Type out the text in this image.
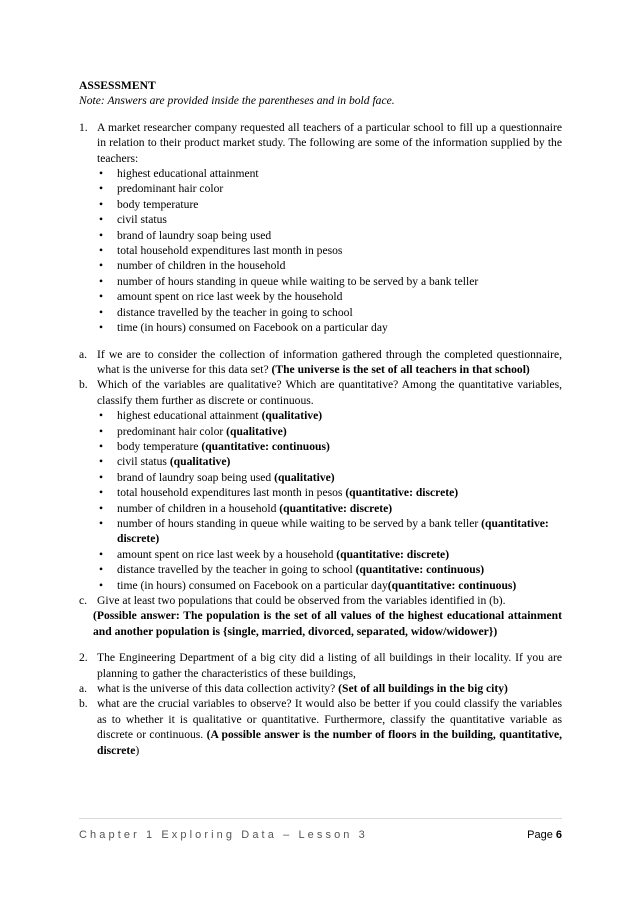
ASSESSMENT
Note: Answers are provided inside the parentheses and in bold face.
1. A market researcher company requested all teachers of a particular school to fill up a questionnaire in relation to their product market study. The following are some of the information supplied by the teachers:
• highest educational attainment
• predominant hair color
• body temperature
• civil status
• brand of laundry soap being used
• total household expenditures last month in pesos
• number of children in the household
• number of hours standing in queue while waiting to be served by a bank teller
• amount spent on rice last week by the household
• distance travelled by the teacher in going to school
• time (in hours) consumed on Facebook on a particular day
a. If we are to consider the collection of information gathered through the completed questionnaire, what is the universe for this data set? (The universe is the set of all teachers in that school)
b. Which of the variables are qualitative? Which are quantitative? Among the quantitative variables, classify them further as discrete or continuous.
• highest educational attainment (qualitative)
• predominant hair color (qualitative)
• body temperature (quantitative: continuous)
• civil status (qualitative)
• brand of laundry soap being used (qualitative)
• total household expenditures last month in pesos (quantitative: discrete)
• number of children in a household (quantitative: discrete)
• number of hours standing in queue while waiting to be served by a bank teller (quantitative: discrete)
• amount spent on rice last week by a household (quantitative: discrete)
• distance travelled by the teacher in going to school (quantitative: continuous)
• time (in hours) consumed on Facebook on a particular day(quantitative: continuous)
c. Give at least two populations that could be observed from the variables identified in (b).
(Possible answer: The population is the set of all values of the highest educational attainment and another population is {single, married, divorced, separated, widow/widower})
2. The Engineering Department of a big city did a listing of all buildings in their locality. If you are planning to gather the characteristics of these buildings,
a. what is the universe of this data collection activity? (Set of all buildings in the big city)
b. what are the crucial variables to observe? It would also be better if you could classify the variables as to whether it is qualitative or quantitative. Furthermore, classify the quantitative variable as discrete or continuous. (A possible answer is the number of floors in the building, quantitative, discrete)
Chapter 1 Exploring Data – Lesson 3	Page 6
